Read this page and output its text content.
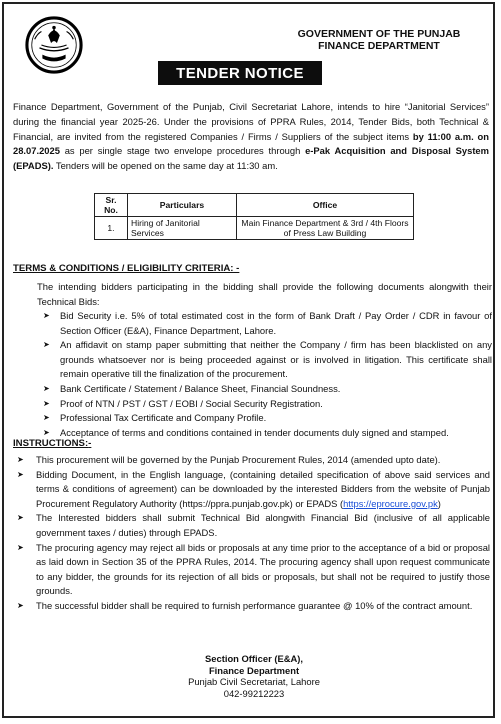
GOVERNMENT OF THE PUNJAB
FINANCE DEPARTMENT
TENDER NOTICE
Finance Department, Government of the Punjab, Civil Secretariat Lahore, intends to hire “Janitorial Services” during the financial year 2025-26. Under the provisions of PPRA Rules, 2014, Tender Bids, both Technical & Financial, are invited from the registered Companies / Firms / Suppliers of the subject items by 11:00 a.m. on 28.07.2025 as per single stage two envelope procedures through e-Pak Acquisition and Disposal System (EPADS). Tenders will be opened on the same day at 11:30 am.
Sr. No.	Particulars	Office
1.	Hiring of Janitorial Services	Main Finance Department & 3rd / 4th Floors of Press Law Building
TERMS & CONDITIONS / ELIGIBILITY CRITERIA: -
The intending bidders participating in the bidding shall provide the following documents alongwith their Technical Bids:
➤ Bid Security i.e. 5% of total estimated cost in the form of Bank Draft / Pay Order / CDR in favour of Section Officer (E&A), Finance Department, Lahore.
➤ An affidavit on stamp paper submitting that neither the Company / firm has been blacklisted on any grounds whatsoever nor is being proceeded against or is involved in litigation. This certificate shall remain operative till the finalization of the procurement.
➤ Bank Certificate / Statement / Balance Sheet, Financial Soundness.
➤ Proof of NTN / PST / GST / EOBI / Social Security Registration.
➤ Professional Tax Certificate and Company Profile.
➤ Acceptance of terms and conditions contained in tender documents duly signed and stamped.
INSTRUCTIONS:-
➤ This procurement will be governed by the Punjab Procurement Rules, 2014 (amended upto date).
➤ Bidding Document, in the English language, (containing detailed specification of above said services and terms & conditions of agreement) can be downloaded by the interested Bidders from the website of Punjab Procurement Regulatory Authority (https://ppra.punjab.gov.pk) or EPADS (https://eprocure.gov.pk)
➤ The Interested bidders shall submit Technical Bid alongwith Financial Bid (inclusive of all applicable government taxes / duties) through EPADS.
➤ The procuring agency may reject all bids or proposals at any time prior to the acceptance of a bid or proposal as laid down in Section 35 of the PPRA Rules, 2014. The procuring agency shall upon request communicate to any bidder, the grounds for its rejection of all bids or proposals, but shall not be required to justify those grounds.
➤ The successful bidder shall be required to furnish performance guarantee @ 10% of the contract amount.
Section Officer (E&A),
Finance Department
Punjab Civil Secretariat, Lahore
042-99212223
